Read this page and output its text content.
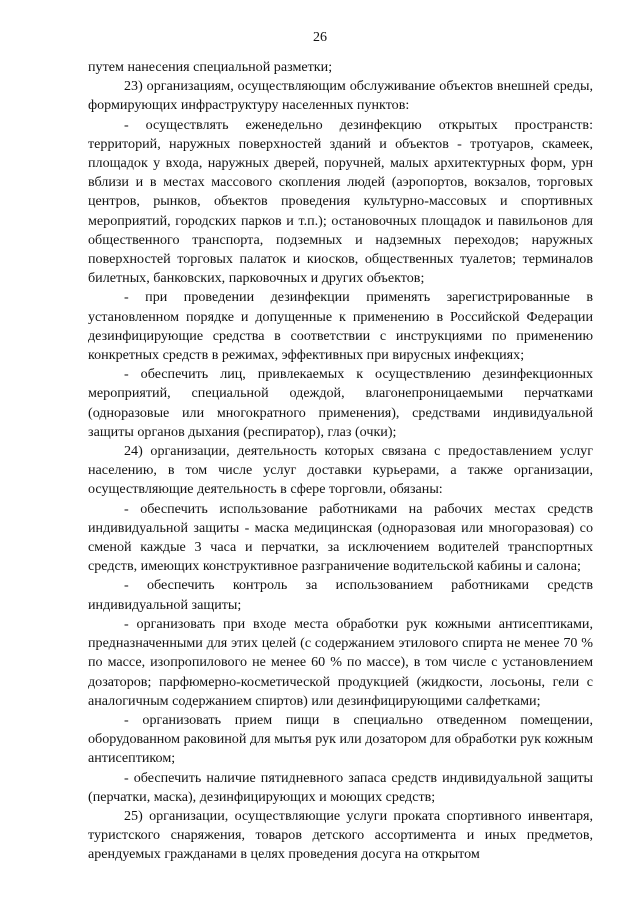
26

путем нанесения специальной разметки;

23) организациям, осуществляющим обслуживание объектов внешней среды, формирующих инфраструктуру населенных пунктов:

- осуществлять еженедельно дезинфекцию открытых пространств: территорий, наружных поверхностей зданий и объектов - тротуаров, скамеек, площадок у входа, наружных дверей, поручней, малых архитектурных форм, урн вблизи и в местах массового скопления людей (аэропортов, вокзалов, торговых центров, рынков, объектов проведения культурно-массовых и спортивных мероприятий, городских парков и т.п.); остановочных площадок и павильонов для общественного транспорта, подземных и надземных переходов; наружных поверхностей торговых палаток и киосков, общественных туалетов; терминалов билетных, банковских, парковочных и других объектов;

- при проведении дезинфекции применять зарегистрированные в установленном порядке и допущенные к применению в Российской Федерации дезинфицирующие средства в соответствии с инструкциями по применению конкретных средств в режимах, эффективных при вирусных инфекциях;

- обеспечить лиц, привлекаемых к осуществлению дезинфекционных мероприятий, специальной одеждой, влагонепроницаемыми перчатками (одноразовые или многократного применения), средствами индивидуальной защиты органов дыхания (респиратор), глаз (очки);

24) организации, деятельность которых связана с предоставлением услуг населению, в том числе услуг доставки курьерами, а также организации, осуществляющие деятельность в сфере торговли, обязаны:

- обеспечить использование работниками на рабочих местах средств индивидуальной защиты - маска медицинская (одноразовая или многоразовая) со сменой каждые 3 часа и перчатки, за исключением водителей транспортных средств, имеющих конструктивное разграничение водительской кабины и салона;

- обеспечить контроль за использованием работниками средств индивидуальной защиты;

- организовать при входе места обработки рук кожными антисептиками, предназначенными для этих целей (с содержанием этилового спирта не менее 70 % по массе, изопропилового не менее 60 % по массе), в том числе с установлением дозаторов; парфюмерно-косметической продукцией (жидкости, лосьоны, гели с аналогичным содержанием спиртов) или дезинфицирующими салфетками;

- организовать прием пищи в специально отведенном помещении, оборудованном раковиной для мытья рук или дозатором для обработки рук кожным антисептиком;

- обеспечить наличие пятидневного запаса средств индивидуальной защиты (перчатки, маска), дезинфицирующих и моющих средств;

25) организации, осуществляющие услуги проката спортивного инвентаря, туристского снаряжения, товаров детского ассортимента и иных предметов, арендуемых гражданами в целях проведения досуга на открытом
